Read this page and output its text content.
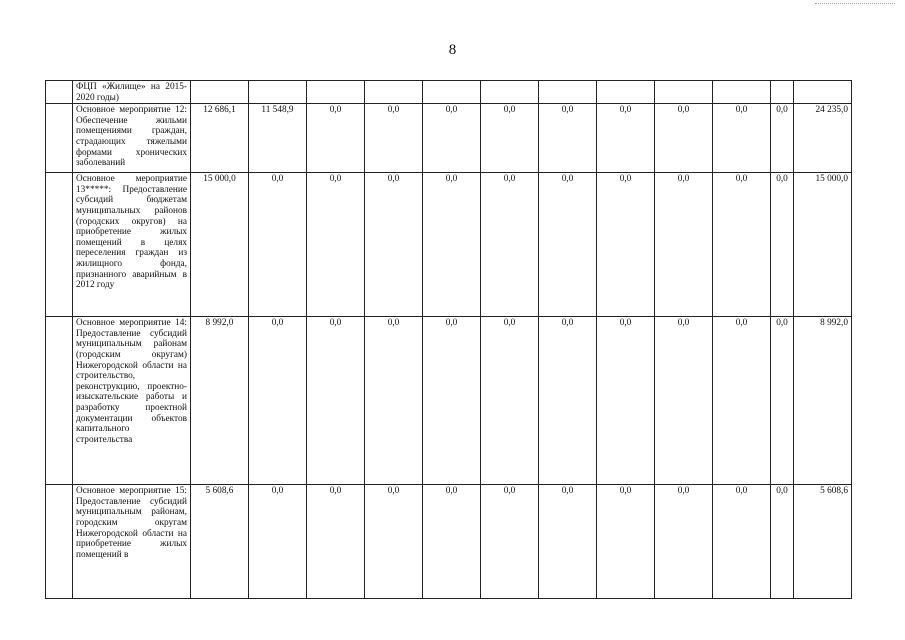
8
	ФЦП «Жилище» на 2015-2020 годы)												
	Основное мероприятие 12: Обеспечение жильми помещениями граждан, страдающих тяжелыми формами хронических заболеваний	12 686,1	11 548,9	0,0	0,0	0,0	0,0	0,0	0,0	0,0	0,0	0,0	24 235,0
	Основное мероприятие 13*****: Предоставление субсидий бюджетам муниципальных районов (городских округов) на приобретение жилых помещений в целях переселения граждан из жилищного фонда, признанного аварийным в 2012 году	15 000,0	0,0	0,0	0,0	0,0	0,0	0,0	0,0	0,0	0,0	0,0	15 000,0
	Основное мероприятие 14: Предоставление субсидий муниципальным районам (городским округам) Нижегородской области на строительство, реконструкцию, проектно-изыскательские работы и разработку проектной документации объектов капитального строительства	8 992,0	0,0	0,0	0,0	0,0	0,0	0,0	0,0	0,0	0,0	0,0	8 992,0
	Основное мероприятие 15: Предоставление субсидий муниципальным районам, городским округам Нижегородской области на приобретение жилых помещений в	5 608,6	0,0	0,0	0,0	0,0	0,0	0,0	0,0	0,0	0,0	0,0	5 608,6
